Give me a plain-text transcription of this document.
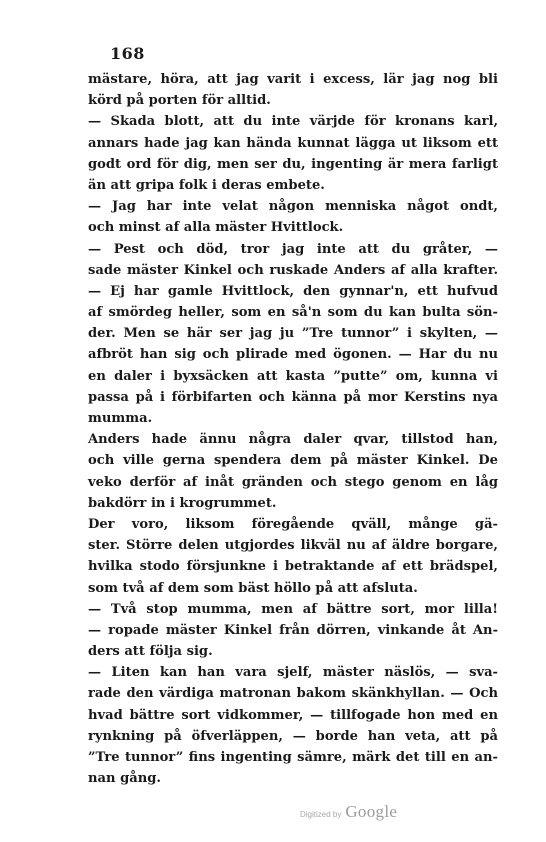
168
mästare, höra, att jag varit i excess, lär jag nog bli
körd på porten för alltid.
— Skada blott, att du inte värjde för kronans karl,
annars hade jag kan hända kunnat lägga ut liksom ett
godt ord för dig, men ser du, ingenting är mera farligt
än att gripa folk i deras embete.
— Jag har inte velat någon menniska något ondt,
och minst af alla mäster Hvittlock.
— Pest och död, tror jag inte att du gråter, —
sade mäster Kinkel och ruskade Anders af alla krafter.
— Ej har gamle Hvittlock, den gynnar'n, ett hufvud
af smördeg heller, som en så'n som du kan bulta sön-
der. Men se här ser jag ju ”Tre tunnor” i skylten, —
afbröt han sig och plirade med ögonen. — Har du nu
en daler i byxsäcken att kasta ”putte” om, kunna vi
passa på i förbifarten och känna på mor Kerstins nya
mumma.
Anders hade ännu några daler qvar, tillstod han,
och ville gerna spendera dem på mäster Kinkel. De
veko derför af inåt gränden och stego genom en låg
bakdörr in i krogrummet.
Der voro, liksom föregående qväll, månge gä-
ster. Större delen utgjordes likväl nu af äldre borgare,
hvilka stodo försjunkne i betraktande af ett brädspel,
som två af dem som bäst höllo på att afsluta.
— Två stop mumma, men af bättre sort, mor lilla!
— ropade mäster Kinkel från dörren, vinkande åt An-
ders att följa sig.
— Liten kan han vara sjelf, mäster näslös, — sva-
rade den värdiga matronan bakom skänkhyllan. — Och
hvad bättre sort vidkommer, — tillfogade hon med en
rynkning på öfverläppen, — borde han veta, att på
”Tre tunnor” fins ingenting sämre, märk det till en an-
nan gång.
Digitized by Google
